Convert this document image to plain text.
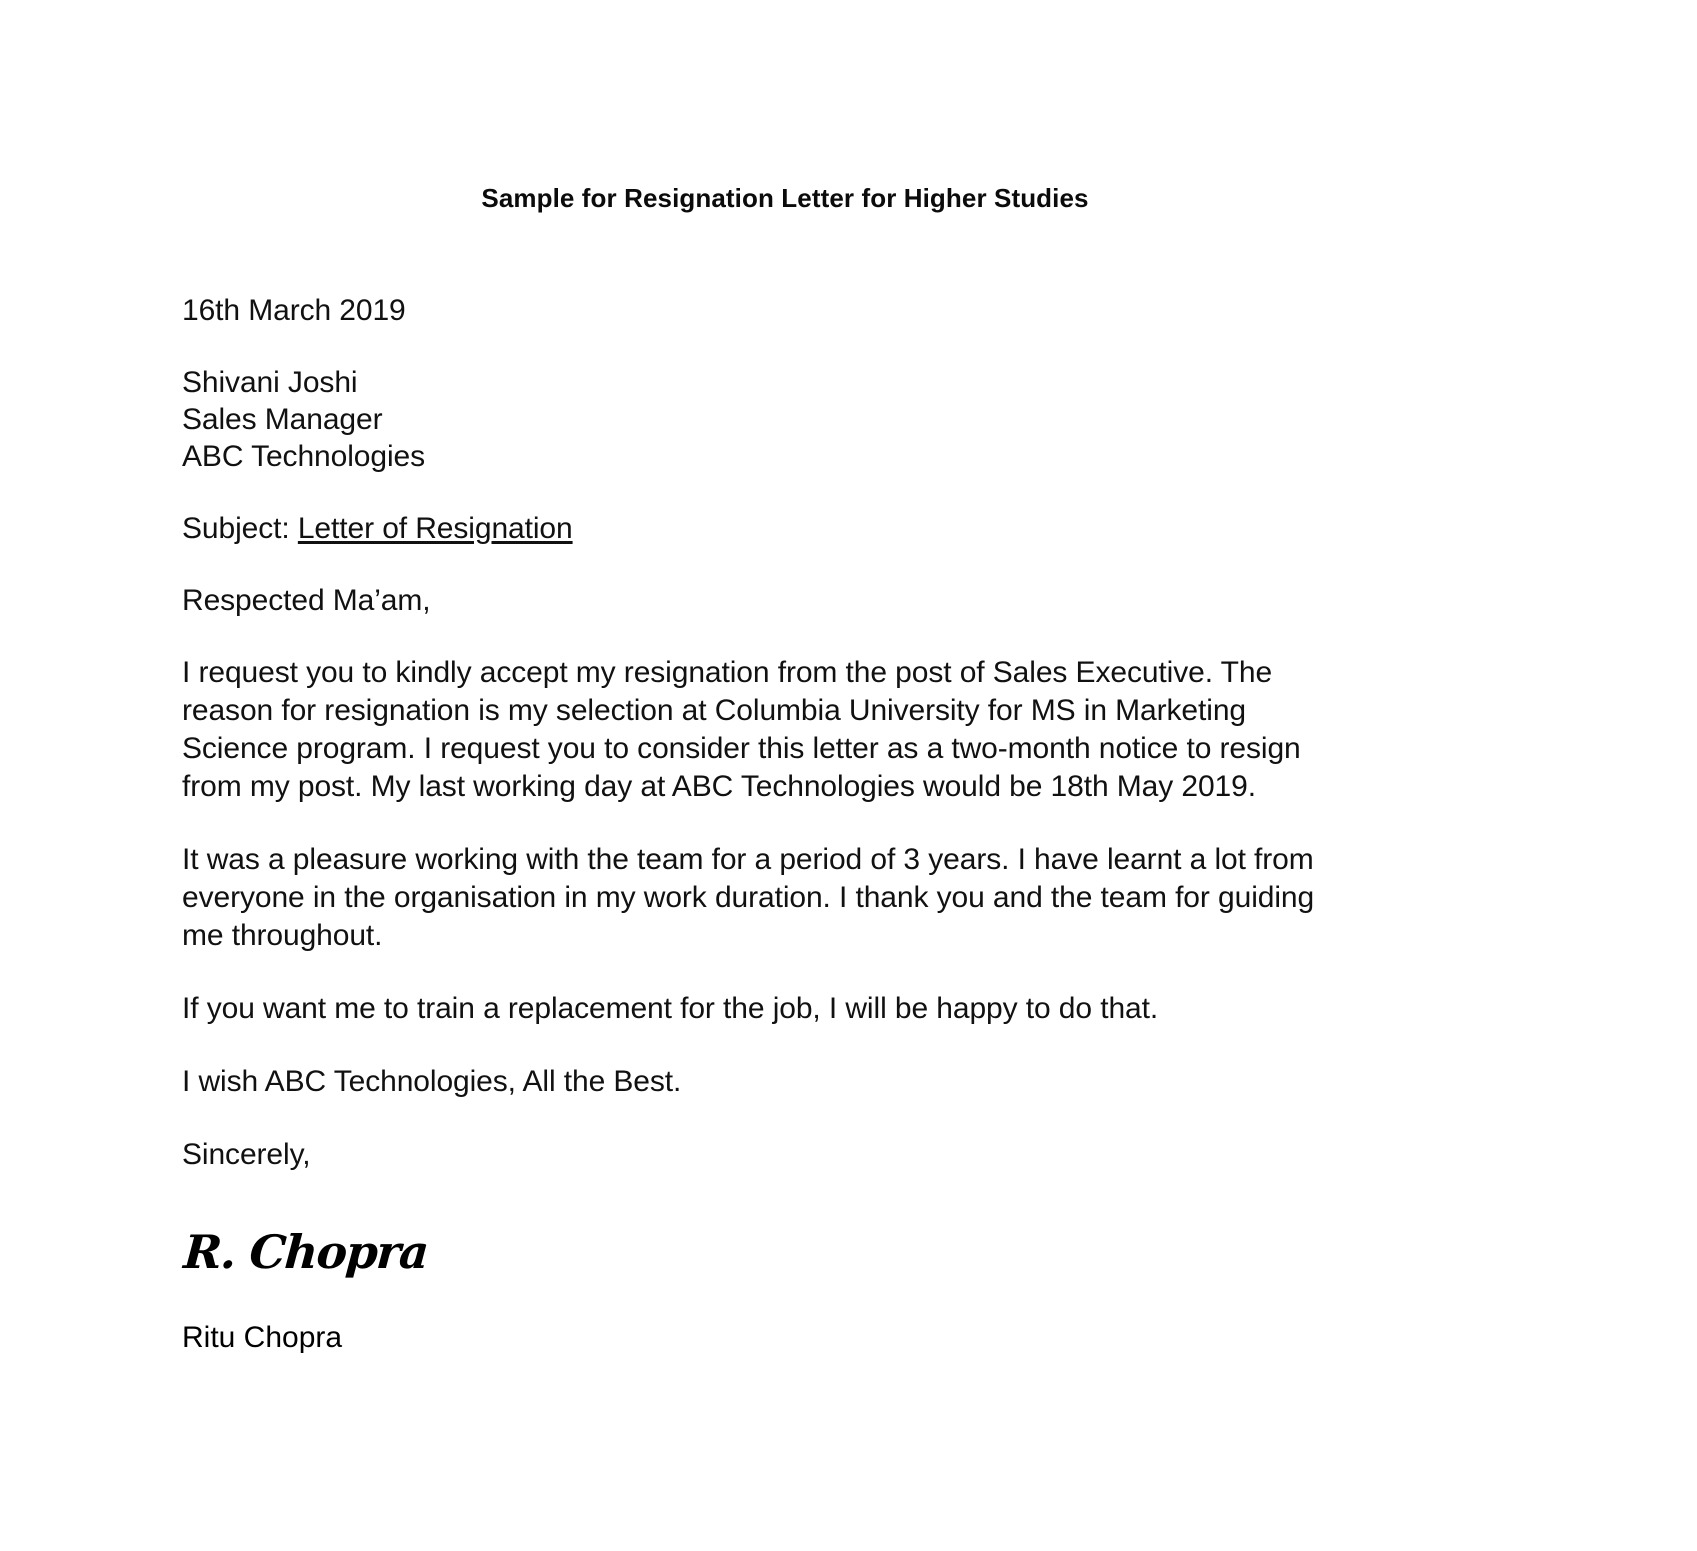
Sample for Resignation Letter for Higher Studies
16th March 2019
Shivani Joshi
Sales Manager
ABC Technologies
Subject: Letter of Resignation
Respected Ma’am,
I request you to kindly accept my resignation from the post of Sales Executive. The
reason for resignation is my selection at Columbia University for MS in Marketing
Science program. I request you to consider this letter as a two-month notice to resign
from my post. My last working day at ABC Technologies would be 18th May 2019.
It was a pleasure working with the team for a period of 3 years. I have learnt a lot from
everyone in the organisation in my work duration. I thank you and the team for guiding
me throughout.
If you want me to train a replacement for the job, I will be happy to do that.
I wish ABC Technologies, All the Best.
Sincerely,
R. Chopra
Ritu Chopra
